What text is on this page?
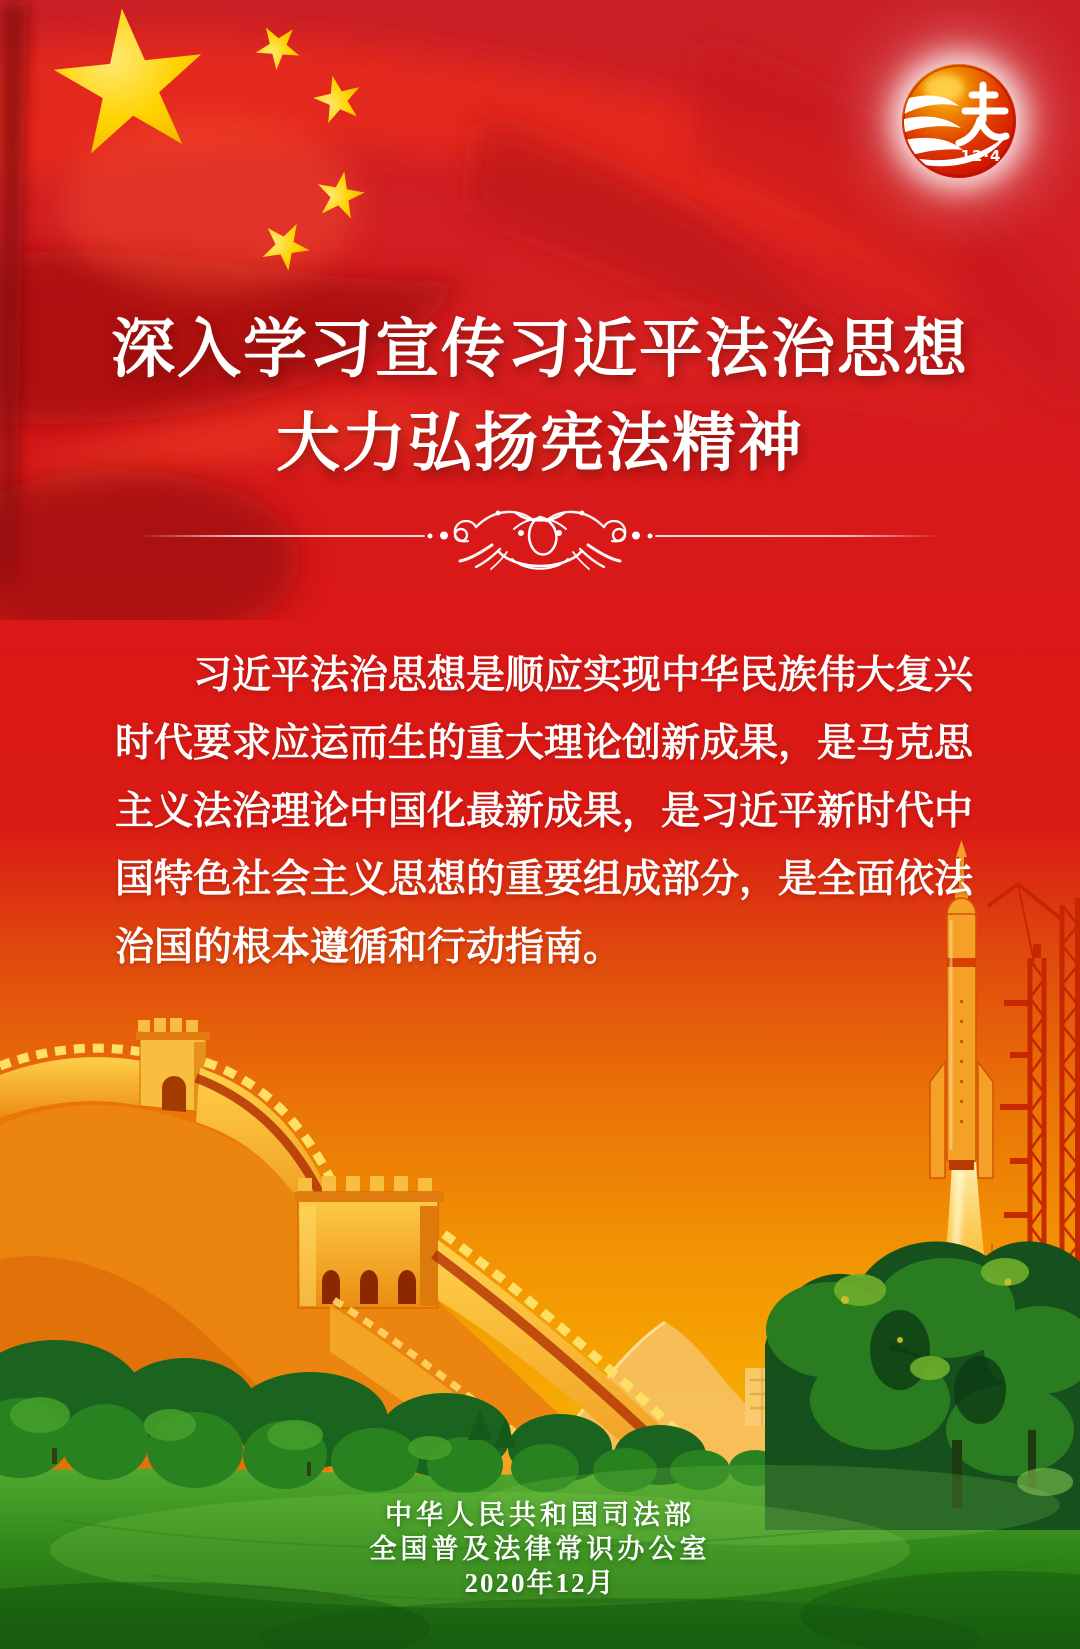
12·4
深入学习宣传习近平法治思想
大力弘扬宪法精神
习近平法治思想是顺应实现中华民族伟大复兴
时代要求应运而生的重大理论创新成果，是马克思
主义法治理论中国化最新成果，是习近平新时代中
国特色社会主义思想的重要组成部分，是全面依法
治国的根本遵循和行动指南。
中华人民共和国司法部
全国普及法律常识办公室
2020年12月
